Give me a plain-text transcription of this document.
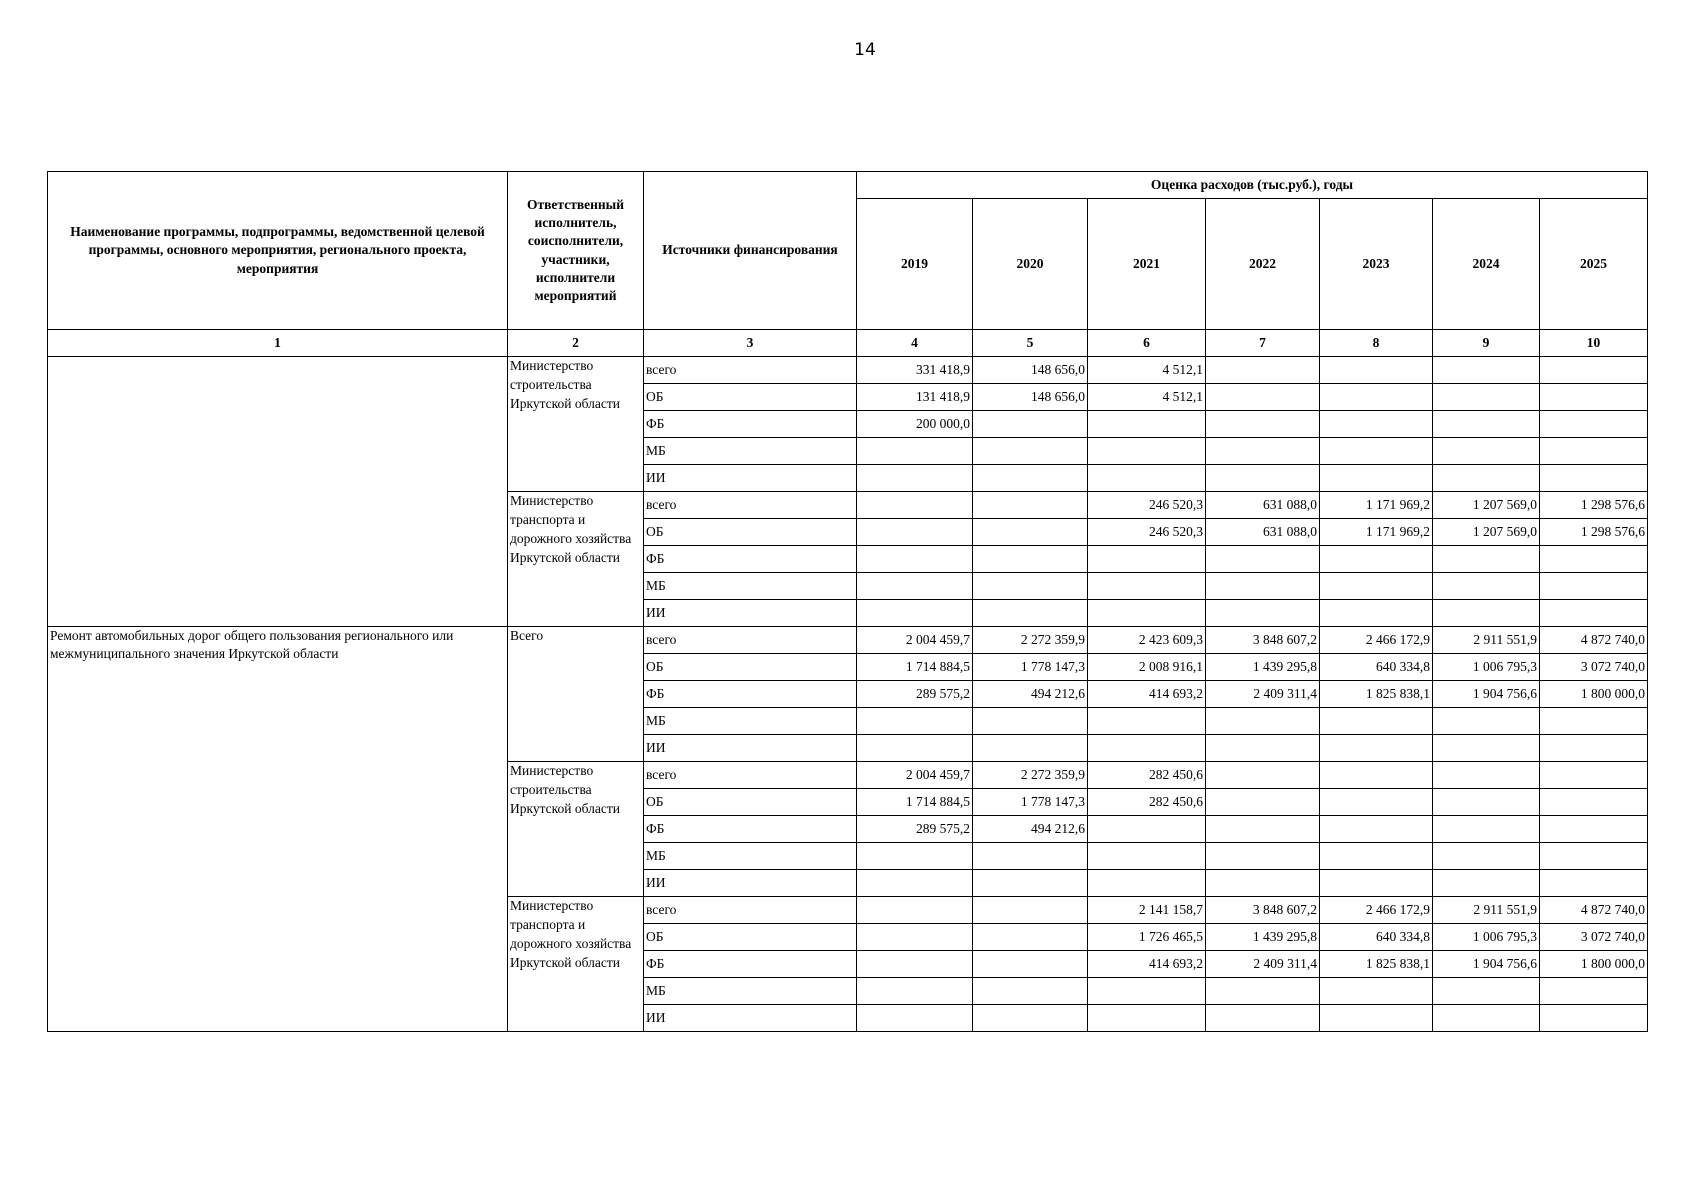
14
Наименование программы, подпрограммы, ведомственной целевой программы, основного мероприятия, регионального проекта, мероприятия	Ответственный исполнитель, соисполнители, участники, исполнители мероприятий	Источники финансирования	Оценка расходов (тыс.руб.), годы						
			2019	2020	2021	2022	2023	2024	2025
1	2	3	4	5	6	7	8	9	10
	Министерство строительства Иркутской области	всего	331 418,9	148 656,0	4 512,1				
		ОБ	131 418,9	148 656,0	4 512,1				
		ФБ	200 000,0						
		МБ							
		ИИ							
	Министерство транспорта и дорожного хозяйства Иркутской области	всего			246 520,3	631 088,0	1 171 969,2	1 207 569,0	1 298 576,6
		ОБ			246 520,3	631 088,0	1 171 969,2	1 207 569,0	1 298 576,6
		ФБ							
		МБ							
		ИИ							
Ремонт автомобильных дорог общего пользования регионального или межмуниципального значения Иркутской области	Всего	всего	2 004 459,7	2 272 359,9	2 423 609,3	3 848 607,2	2 466 172,9	2 911 551,9	4 872 740,0
		ОБ	1 714 884,5	1 778 147,3	2 008 916,1	1 439 295,8	640 334,8	1 006 795,3	3 072 740,0
		ФБ	289 575,2	494 212,6	414 693,2	2 409 311,4	1 825 838,1	1 904 756,6	1 800 000,0
		МБ							
		ИИ							
	Министерство строительства Иркутской области	всего	2 004 459,7	2 272 359,9	282 450,6				
		ОБ	1 714 884,5	1 778 147,3	282 450,6				
		ФБ	289 575,2	494 212,6					
		МБ							
		ИИ							
	Министерство транспорта и дорожного хозяйства Иркутской области	всего			2 141 158,7	3 848 607,2	2 466 172,9	2 911 551,9	4 872 740,0
		ОБ			1 726 465,5	1 439 295,8	640 334,8	1 006 795,3	3 072 740,0
		ФБ			414 693,2	2 409 311,4	1 825 838,1	1 904 756,6	1 800 000,0
		МБ							
		ИИ							
